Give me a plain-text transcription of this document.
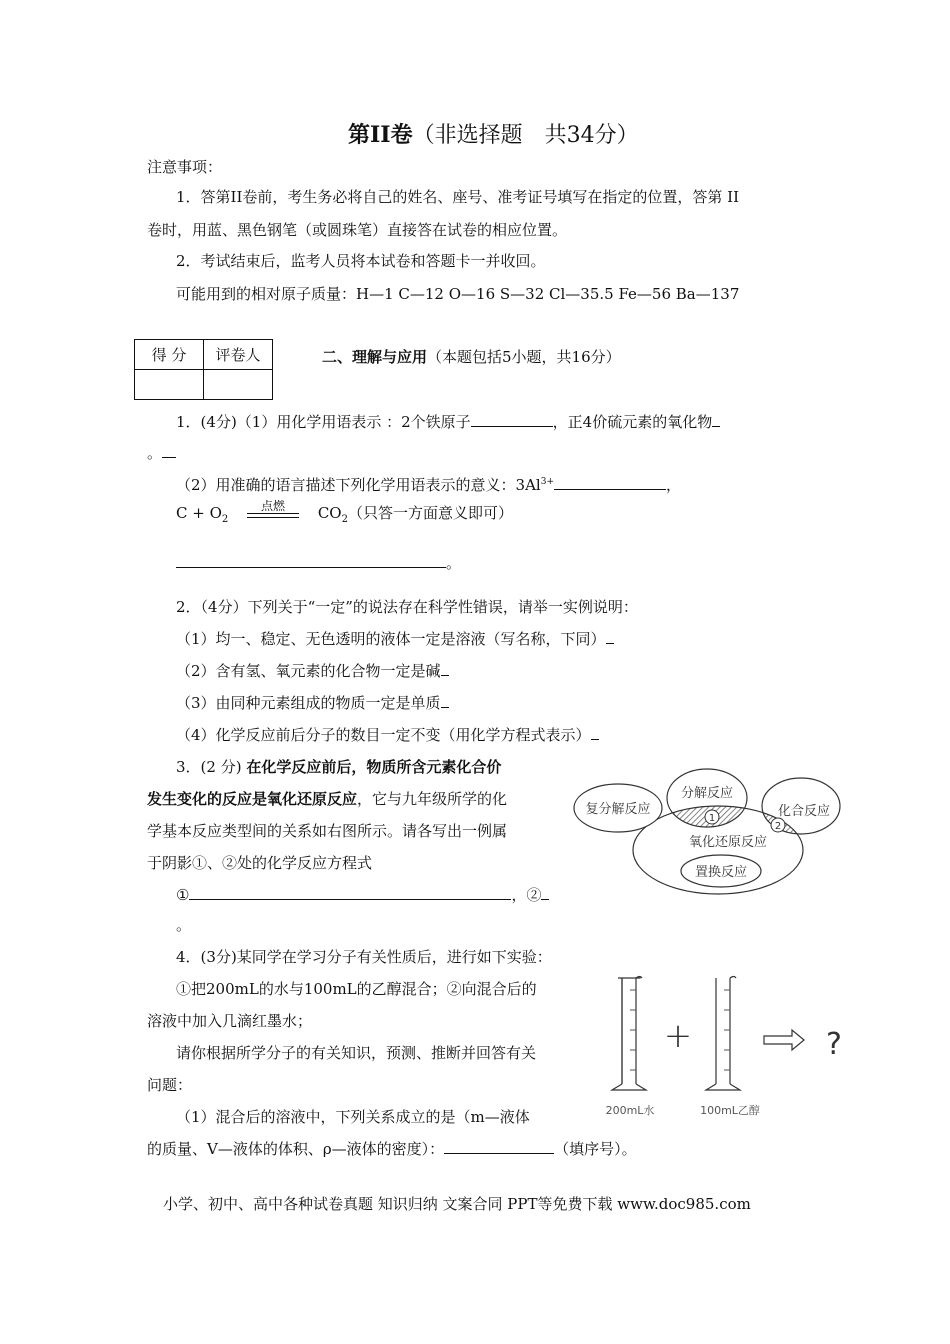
第II卷（非选择题　共34分）
注意事项：
1．答第II卷前，考生务必将自己的姓名、座号、准考证号填写在指定的位置，答第 II
卷时，用蓝、黑色钢笔（或圆珠笔）直接答在试卷的相应位置。
2．考试结束后，监考人员将本试卷和答题卡一并收回。
可能用到的相对原子质量：H—1 C—12 O—16 S—32 Cl—35.5 Fe—56 Ba—137
得 分	评卷人
		二、理解与应用（本题包括5小题，共16分）
1．(4分)（1）用化学用语表示 ：2个铁原子	，正4价硫元素的氧化物
。
（2）用准确的语言描述下列化学用语表示的意义：$3Al^{3+}$	，
$C + O_2$
点燃	$CO_2$（只答一方面意义即可）
。
2．（4分）下列关于“一定”的说法存在科学性错误，请举一实例说明：
（1）均一、稳定、无色透明的液体一定是溶液（写名称，下同）
（2）含有氢、氧元素的化合物一定是碱
（3）由同种元素组成的物质一定是单质
（4）化学反应前后分子的数目一定不变（用化学方程式表示）
3．(2 分) 在化学反应前后，物质所含元素化合价
发生变化的反应是氧化还原反应，它与九年级所学的化
学基本反应类型间的关系如右图所示。请各写出一例属
于阴影①、②处的化学反应方程式
①	，②
。
1
2
复分解反应
分解反应
化合反应
氧化还原反应
置换反应
4．(3分)某同学在学习分子有关性质后，进行如下实验：
①把200mL的水与100mL的乙醇混合；②向混合后的
溶液中加入几滴红墨水；
请你根据所学分子的有关知识，预测、推断并回答有关
问题：
（1）混合后的溶液中，下列关系成立的是（m—液体
的质量、V—液体的体积、ρ—液体的密度）：	（填序号）。
200mL水
+
100mL乙醇
?
小学、初中、高中各种试卷真题 知识归纳 文案合同 PPT等免费下载 www.doc985.com
